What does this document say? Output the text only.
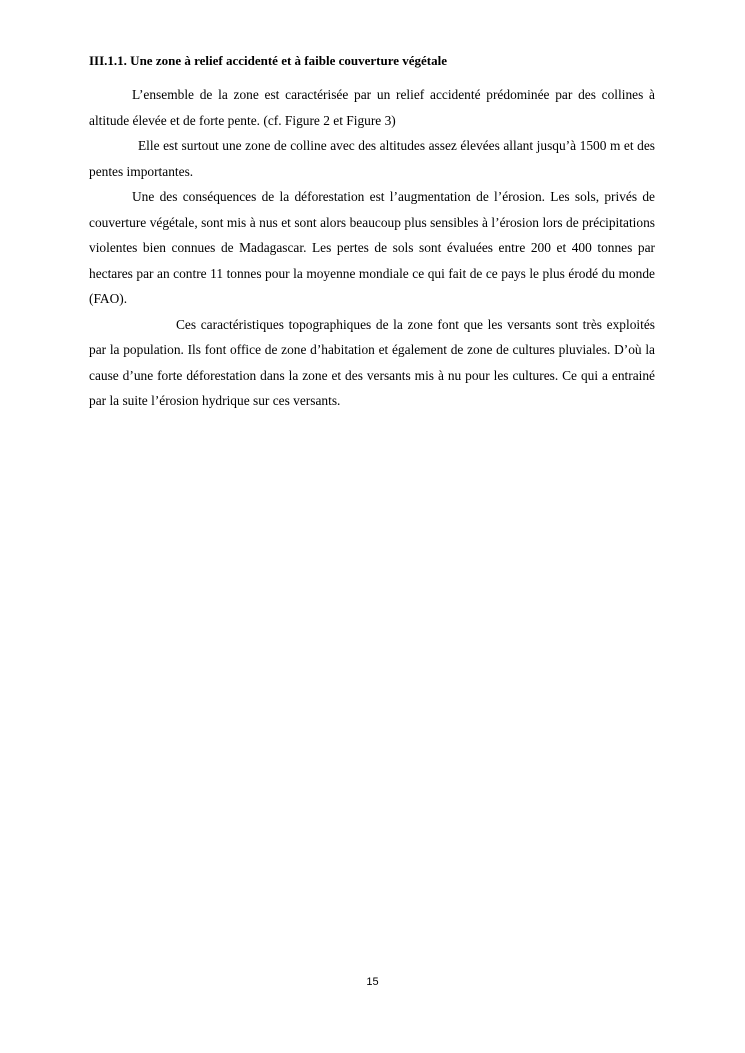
III.1.1. Une zone à relief accidenté et à faible couverture végétale

L’ensemble de la zone est caractérisée par un relief accidenté prédominée par des collines à altitude élevée et de forte pente. (cf. Figure 2 et Figure 3)

Elle est surtout une zone de colline avec des altitudes assez élevées allant jusqu’à 1500 m et des pentes importantes.

Une des conséquences de la déforestation est l’augmentation de l’érosion. Les sols, privés de couverture végétale, sont mis à nus et sont alors beaucoup plus sensibles à l’érosion lors de précipitations violentes bien connues de Madagascar. Les pertes de sols sont évaluées entre 200 et 400 tonnes par hectares par an contre 11 tonnes pour la moyenne mondiale ce qui fait de ce pays le plus érodé du monde (FAO).

Ces caractéristiques topographiques de la zone font que les versants sont très exploités par la population. Ils font office de zone d’habitation et également de zone de cultures pluviales. D’où la cause d’une forte déforestation dans la zone et des versants mis à nu pour les cultures. Ce qui a entrainé par la suite l’érosion hydrique sur ces versants.

15
